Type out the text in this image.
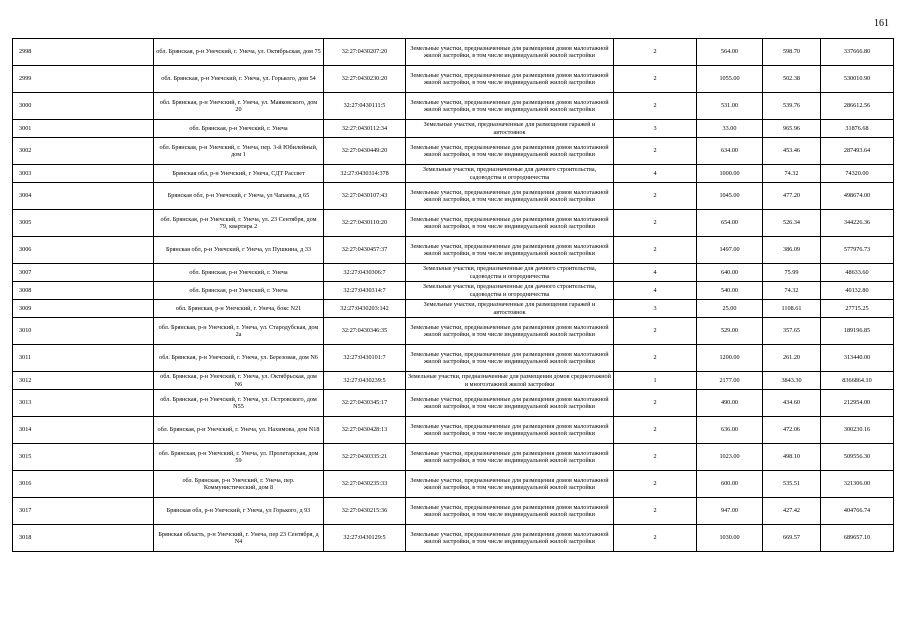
161
2998	обл. Брянская, р-н Унечский, г. Унеча, ул. Октябрьская, дом 75	32:27:0430207:20	Земельные участки, предназначенные для размещения домов малоэтажной жилой застройки, в том числе индивидуальной жилой застройки	2	564.00	598.70	337666.80
2999	обл. Брянская, р-н Унечский, г. Унеча, ул. Горького, дом 54	32:27:0430230:20	Земельные участки, предназначенные для размещения домов малоэтажной жилой застройки, в том числе индивидуальной жилой застройки	2	1055.00	502.38	530010.90
3000	обл. Брянская, р-н Унечский, г. Унеча, ул. Маяковского, дом 20	32:27:0430111:5	Земельные участки, предназначенные для размещения домов малоэтажной жилой застройки, в том числе индивидуальной жилой застройки	2	531.00	539.76	286612.56
3001	обл. Брянская, р-н Унечский, г. Унеча	32:27:0430112:34	Земельные участки, предназначенные для размещения гаражей и автостоянок	3	33.00	965.96	31876.68
3002	обл. Брянская, р-н Унечский, г. Унеча, пер. 3-й Юбилейный, дом 1	32:27:0430449:20	Земельные участки, предназначенные для размещения домов малоэтажной жилой застройки, в том числе индивидуальной жилой застройки	2	634.00	453.46	287493.64
3003	Брянская обл, р-н Унечский, г Унеча, СДТ Рассвет	32:27:0430314:378	Земельные участки, предназначенные для дачного строительства, садоводства и огородничества	4	1000.00	74.32	74320.00
3004	Брянская обл, р-н Унечский, г Унеча, ул Чапаева, д 65	32:27:0430107:43	Земельные участки, предназначенные для размещения домов малоэтажной жилой застройки, в том числе индивидуальной жилой застройки	2	1045.00	477.20	498674.00
3005	обл. Брянская, р-н Унечский, г. Унеча, ул. 23 Сентября, дом 79, квартира 2	32:27:0430110:20	Земельные участки, предназначенные для размещения домов малоэтажной жилой застройки, в том числе индивидуальной жилой застройки	2	654.00	526.34	344226.36
3006	Брянская обл, р-н Унечский, г Унеча, ул Пушкина, д 33	32:27:0430457:37	Земельные участки, предназначенные для размещения домов малоэтажной жилой застройки, в том числе индивидуальной жилой застройки	2	1497.00	386.09	577976.73
3007	обл. Брянская, р-н Унечский, г. Унеча	32:27:0430306:7	Земельные участки, предназначенные для дачного строительства, садоводства и огородничества	4	640.00	75.99	48633.60
3008	обл. Брянская, р-н Унечский, г. Унеча	32:27:0430314:7	Земельные участки, предназначенные для дачного строительства, садоводства и огородничества	4	540.00	74.32	40132.80
3009	обл. Брянская, р-н Унечский, г. Унеча, бокс N21	32:27:0430203:142	Земельные участки, предназначенные для размещения гаражей и автостоянок	3	25.00	1108.61	27715.25
3010	обл. Брянская, р-н Унечский, г. Унеча, ул. Стародубская, дом 2а	32:27:0430346:35	Земельные участки, предназначенные для размещения домов малоэтажной жилой застройки, в том числе индивидуальной жилой застройки	2	529.00	357.65	189196.85
3011	обл. Брянская, р-н Унечский, г. Унеча, ул. Березовая, дом N6	32:27:0430101:7	Земельные участки, предназначенные для размещения домов малоэтажной жилой застройки, в том числе индивидуальной жилой застройки	2	1200.00	261.20	313440.00
3012	обл. Брянская, р-н Унечский, г. Унеча, ул. Октябрьская, дом N6	32:27:0430239:5	Земельные участки, предназначенные для размещения домов среднеэтажной и многоэтажной жилой застройки	1	2177.00	3843.30	8366864.10
3013	обл. Брянская, р-н Унечский, г. Унеча, ул. Островского, дом N55	32:27:0430345:17	Земельные участки, предназначенные для размещения домов малоэтажной жилой застройки, в том числе индивидуальной жилой застройки	2	490.00	434.60	212954.00
3014	обл. Брянская, р-н Унечский, г. Унеча, ул. Нахимова, дом N18	32:27:0430428:13	Земельные участки, предназначенные для размещения домов малоэтажной жилой застройки, в том числе индивидуальной жилой застройки	2	636.00	472.06	300230.16
3015	обл. Брянская, р-н Унечский, г. Унеча, ул. Пролетарская, дом 59	32:27:0430335:21	Земельные участки, предназначенные для размещения домов малоэтажной жилой застройки, в том числе индивидуальной жилой застройки	2	1023.00	498.10	509556.30
3016	обл. Брянская, р-н Унечский, г. Унеча, пер. Коммунистический, дом 8	32:27:0430235:33	Земельные участки, предназначенные для размещения домов малоэтажной жилой застройки, в том числе индивидуальной жилой застройки	2	600.00	535.51	321306.00
3017	Брянская обл, р-н Унечский, г Унеча, ул Горького, д 93	32:27:0430215:36	Земельные участки, предназначенные для размещения домов малоэтажной жилой застройки, в том числе индивидуальной жилой застройки	2	947.00	427.42	404766.74
3018	Брянская область, р-н Унечский, г. Унеча, пер 23 Сентября, д N4	32:27:0430129:5	Земельные участки, предназначенные для размещения домов малоэтажной жилой застройки, в том числе индивидуальной жилой застройки	2	1030.00	669.57	689657.10
